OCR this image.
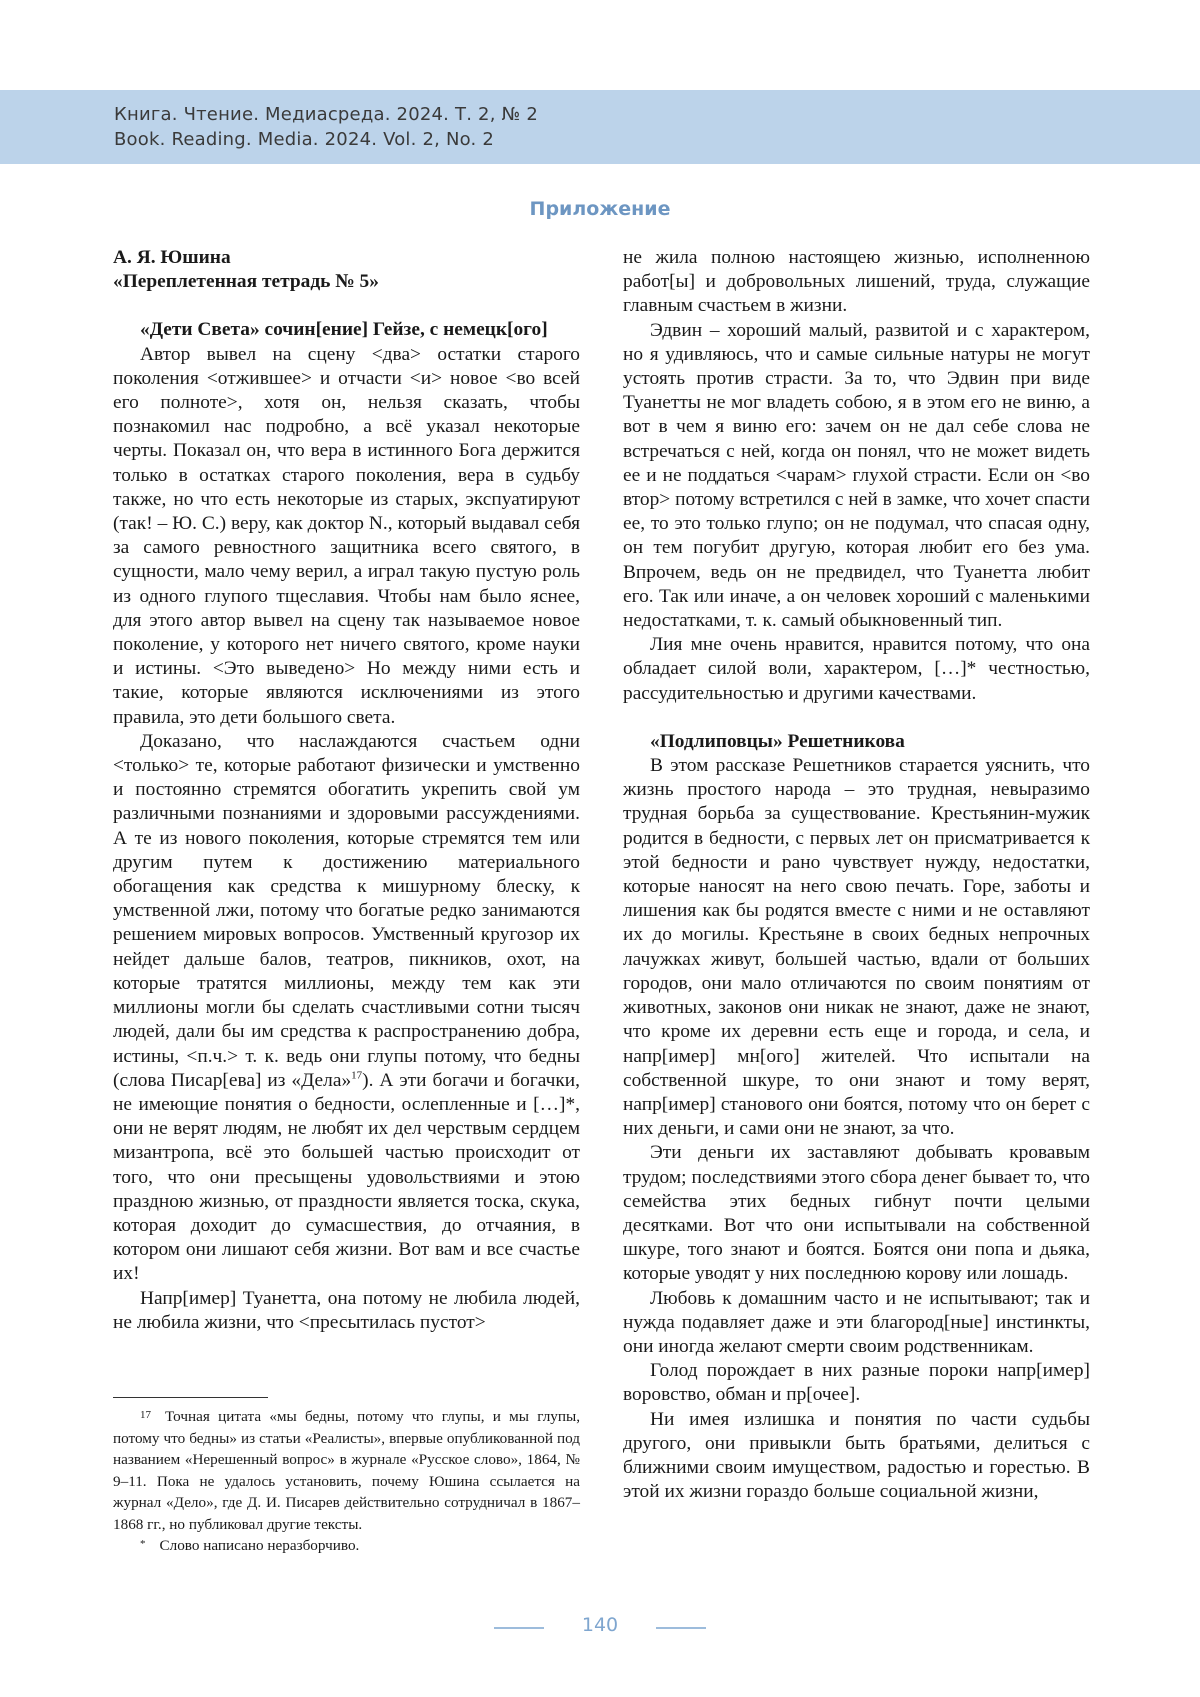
Книга. Чтение. Медиасреда. 2024. Т. 2, № 2
Book. Reading. Media. 2024. Vol. 2, No. 2
Приложение

А. Я. Юшина

«Переплетенная тетрадь № 5»

«Дети Света» сочин[ение] Гейзе, с немецк[ого]

Автор вывел на сцену <два> остатки старого поколения <отжившее> и отчасти <и> новое <во всей его полноте>, хотя он, нельзя сказать, чтобы познакомил нас подробно, а всё указал некоторые черты. Показал он, что вера в истинного Бога держится только в остатках старого поколения, вера в судьбу также, но что есть некоторые из старых, экспуатируют (так! – Ю. С.) веру, как доктор N., который выдавал себя за самого ревностного защитника всего святого, в сущности, мало чему верил, а играл такую пустую роль из одного глупого тщеславия. Чтобы нам было яснее, для этого автор вывел на сцену так называемое новое поколение, у которого нет ничего святого, кроме науки и истины. <Это выведено> Но между ними есть и такие, которые являются исключениями из этого правила, это дети большого света.

Доказано, что наслаждаются счастьем одни <только> те, которые работают физически и умственно и постоянно стремятся обогатить укрепить свой ум различными познаниями и здоровыми рассуждениями. А те из нового поколения, которые стремятся тем или другим путем к достижению материального обогащения как средства к мишурному блеску, к умственной лжи, потому что богатые редко занимаются решением мировых вопросов. Умственный кругозор их нейдет дальше балов, театров, пикников, охот, на которые тратятся миллионы, между тем как эти миллионы могли бы сделать счастливыми сотни тысяч людей, дали бы им средства к распространению добра, истины, <п.ч.> т. к. ведь они глупы потому, что бедны (слова Писар[ева] из «Дела»$^{17}$). А эти богачи и богачки, не имеющие понятия о бедности, ослепленные и […]*, они не верят людям, не любят их дел черствым сердцем мизантропа, всё это большей частью происходит от того, что они пресыщены удовольствиями и этою праздною жизнью, от праздности является тоска, скука, которая доходит до сумасшествия, до отчаяния, в котором они лишают себя жизни. Вот вам и все счастье их!

Напр[имер] Туанетта, она потому не любила людей, не любила жизни, что <пресытилась пустот>

$^{17}$ Точная цитата «мы бедны, потому что глупы, и мы глупы, потому что бедны» из статьи «Реалисты», впервые опубликованной под названием «Нерешенный вопрос» в журнале «Русское слово», 1864, № 9–11. Пока не удалось установить, почему Юшина ссылается на журнал «Дело», где Д. И. Писарев действительно сотрудничал в 1867–1868 гг., но публиковал другие тексты.

* Слово написано неразборчиво.

не жила полною настоящею жизнью, исполненною работ[ы] и добровольных лишений, труда, служащие главным счастьем в жизни.

Эдвин – хороший малый, развитой и с характером, но я удивляюсь, что и самые сильные натуры не могут устоять против страсти. За то, что Эдвин при виде Туанетты не мог владеть собою, я в этом его не виню, а вот в чем я виню его: зачем он не дал себе слова не встречаться с ней, когда он понял, что не может видеть ее и не поддаться <чарам> глухой страсти. Если он <во втор> потому встретился с ней в замке, что хочет спасти ее, то это только глупо; он не подумал, что спасая одну, он тем погубит другую, которая любит его без ума. Впрочем, ведь он не предвидел, что Туанетта любит его. Так или иначе, а он человек хороший с маленькими недостатками, т. к. самый обыкновенный тип.

Лия мне очень нравится, нравится потому, что она обладает силой воли, характером, […]* честностью, рассудительностью и другими качествами.

«Подлиповцы» Решетникова

В этом рассказе Решетников старается уяснить, что жизнь простого народа – это трудная, невыразимо трудная борьба за существование. Крестьянин-мужик родится в бедности, с первых лет он присматривается к этой бедности и рано чувствует нужду, недостатки, которые наносят на него свою печать. Горе, заботы и лишения как бы родятся вместе с ними и не оставляют их до могилы. Крестьяне в своих бедных непрочных лачужках живут, большей частью, вдали от больших городов, они мало отличаются по своим понятиям от животных, законов они никак не знают, даже не знают, что кроме их деревни есть еще и города, и села, и напр[имер] мн[ого] жителей. Что испытали на собственной шкуре, то они знают и тому верят, напр[имер] станового они боятся, потому что он берет с них деньги, и сами они не знают, за что.

Эти деньги их заставляют добывать кровавым трудом; последствиями этого сбора денег бывает то, что семейства этих бедных гибнут почти целыми десятками. Вот что они испытывали на собственной шкуре, того знают и боятся. Боятся они попа и дьяка, которые уводят у них последнюю корову или лошадь.

Любовь к домашним часто и не испытывают; так и нужда подавляет даже и эти благород[ные] инстинкты, они иногда желают смерти своим родственникам.

Голод порождает в них разные пороки напр[имер] воровство, обман и пр[очее].

Ни имея излишка и понятия по части судьбы другого, они привыкли быть братьями, делиться с ближними своим имуществом, радостью и горестью. В этой их жизни гораздо больше социальной жизни,

140
